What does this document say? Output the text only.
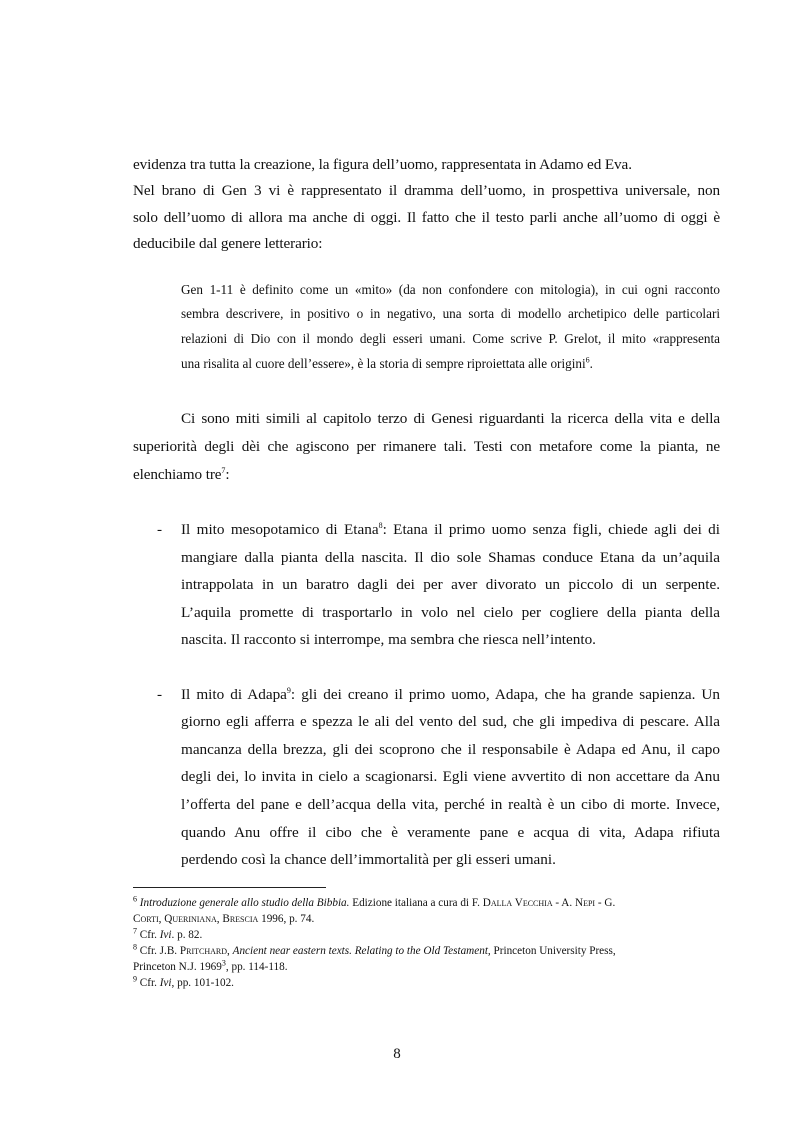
evidenza tra tutta la creazione, la figura dell’uomo, rappresentata in Adamo ed Eva.
Nel brano di Gen 3 vi è rappresentato il dramma dell’uomo, in prospettiva universale, non
solo dell’uomo di allora ma anche di oggi. Il fatto che il testo parli anche all’uomo di oggi è
deducibile dal genere letterario:
Gen 1-11 è definito come un «mito» (da non confondere con mitologia), in cui ogni racconto
sembra descrivere, in positivo o in negativo, una sorta di modello archetipico delle particolari
relazioni di Dio con il mondo degli esseri umani. Come scrive P. Grelot, il mito «rappresenta
una risalita al cuore dell’essere», è la storia di sempre riproiettata alle origini$^6$.
Ci sono miti simili al capitolo terzo di Genesi riguardanti la ricerca della vita e della
superiorità degli dèi che agiscono per rimanere tali. Testi con metafore come la pianta, ne
elenchiamo tre$^7$:
- Il mito mesopotamico di Etana$^8$: Etana il primo uomo senza figli, chiede agli dei di
mangiare dalla pianta della nascita. Il dio sole Shamas conduce Etana da un’aquila
intrappolata in un baratro dagli dei per aver divorato un piccolo di un serpente.
L’aquila promette di trasportarlo in volo nel cielo per cogliere della pianta della
nascita. Il racconto si interrompe, ma sembra che riesca nell’intento.
- Il mito di Adapa$^9$: gli dei creano il primo uomo, Adapa, che ha grande sapienza. Un
giorno egli afferra e spezza le ali del vento del sud, che gli impediva di pescare. Alla
mancanza della brezza, gli dei scoprono che il responsabile è Adapa ed Anu, il capo
degli dei, lo invita in cielo a scagionarsi. Egli viene avvertito di non accettare da Anu
l’offerta del pane e dell’acqua della vita, perché in realtà è un cibo di morte. Invece,
quando Anu offre il cibo che è veramente pane e acqua di vita, Adapa rifiuta
perdendo così la chance dell’immortalità per gli esseri umani.
$^6$ Introduzione generale allo studio della Bibbia. Edizione italiana a cura di F. Dalla Vecchia - A. Nepi - G.
Corti, Queriniana, Brescia 1996, p. 74.
$^7$ Cfr. Ivi. p. 82.
$^8$ Cfr. J.B. Pritchard, Ancient near eastern texts. Relating to the Old Testament, Princeton University Press,
Princeton N.J. 1969$^3$, pp. 114-118.
$^9$ Cfr. Ivi, pp. 101-102.
8
